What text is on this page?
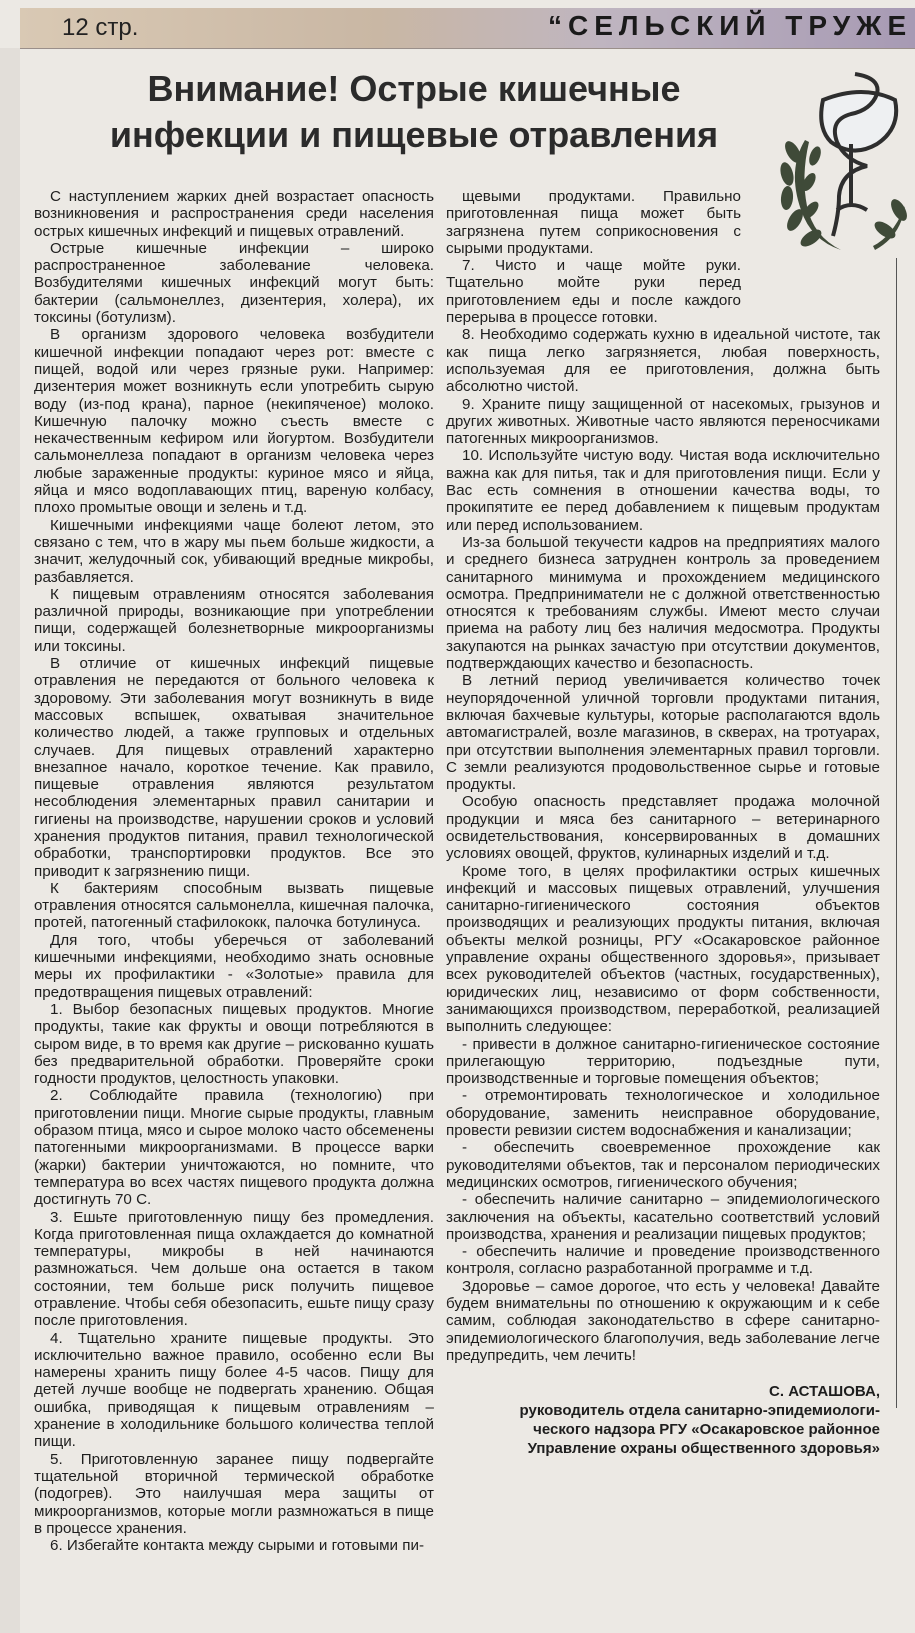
12 стр.	“СЕЛЬСКИЙ ТРУЖЕ
Внимание! Острые кишечные инфекции и пищевые отравления

С наступлением жарких дней возрастает опасность возникновения и распространения среди населения острых кишечных инфекций и пищевых отравлений.

Острые кишечные инфекции – широко распространенное заболевание человека. Возбудителями кишечных инфекций могут быть: бактерии (сальмонеллез, дизентерия, холера), их токсины (ботулизм).

В организм здорового человека возбудители кишечной инфекции попадают через рот: вместе с пищей, водой или через грязные руки. Например: дизентерия может возникнуть если употребить сырую воду (из-под крана), парное (некипяченое) молоко. Кишечную палочку можно съесть вместе с некачественным кефиром или йогуртом. Возбудители сальмонеллеза попадают в организм человека через любые зараженные продукты: куриное мясо и яйца, яйца и мясо водоплавающих птиц, вареную колбасу, плохо промытые овощи и зелень и т.д.

Кишечными инфекциями чаще болеют летом, это связано с тем, что в жару мы пьем больше жидкости, а значит, желудочный сок, убивающий вредные микробы, разбавляется.

К пищевым отравлениям относятся заболевания различной природы, возникающие при употреблении пищи, содержащей болезнетворные микроорганизмы или токсины.

В отличие от кишечных инфекций пищевые отравления не передаются от больного человека к здоровому. Эти заболевания могут возникнуть в виде массовых вспышек, охватывая значительное количество людей, а также групповых и отдельных случаев. Для пищевых отравлений характерно внезапное начало, короткое течение. Как правило, пищевые отравления являются результатом несоблюдения элементарных правил санитарии и гигиены на производстве, нарушении сроков и условий хранения продуктов питания, правил технологической обработки, транспортировки продуктов. Все это приводит к загрязнению пищи.

К бактериям способным вызвать пищевые отравления относятся сальмонелла, кишечная палочка, протей, патогенный стафилококк, палочка ботулинуса.

Для того, чтобы уберечься от заболеваний кишечными инфекциями, необходимо знать основные меры их профилактики - «Золотые» правила для предотвращения пищевых отравлений:

1. Выбор безопасных пищевых продуктов. Многие продукты, такие как фрукты и овощи потребляются в сыром виде, в то время как другие – рискованно кушать без предварительной обработки. Проверяйте сроки годности продуктов, целостность упаковки.

2. Соблюдайте правила (технологию) при приготовлении пищи. Многие сырые продукты, главным образом птица, мясо и сырое молоко часто обсеменены патогенными микроорганизмами. В процессе варки (жарки) бактерии уничтожаются, но помните, что температура во всех частях пищевого продукта должна достигнуть 70 С.

3. Ешьте приготовленную пищу без промедления. Когда приготовленная пища охлаждается до комнатной температуры, микробы в ней начинаются размножаться. Чем дольше она остается в таком состоянии, тем больше риск получить пищевое отравление. Чтобы себя обезопасить, ешьте пищу сразу после приготовления.

4. Тщательно храните пищевые продукты. Это исключительно важное правило, особенно если Вы намерены хранить пищу более 4-5 часов. Пищу для детей лучше вообще не подвергать хранению. Общая ошибка, приводящая к пищевым отравлениям – хранение в холодильнике большого количества теплой пищи.

5. Приготовленную заранее пищу подвергайте тщательной вторичной термической обработке (подогрев). Это наилучшая мера защиты от микроорганизмов, которые могли размножаться в пище в процессе хранения.

6. Избегайте контакта между сырыми и готовыми пи-

щевыми продуктами. Правильно приготовленная пища может быть загрязнена путем соприкосновения с сырыми продуктами.

7. Чисто и чаще мойте руки. Тщательно мойте руки перед приготовлением еды и после каждого перерыва в процессе готовки.

8. Необходимо содержать кухню в идеальной чистоте, так как пища легко загрязняется, любая поверхность, используемая для ее приготовления, должна быть абсолютно чистой.

9. Храните пищу защищенной от насекомых, грызунов и других животных. Животные часто являются переносчиками патогенных микроорганизмов.

10. Используйте чистую воду. Чистая вода исключительно важна как для питья, так и для приготовления пищи. Если у Вас есть сомнения в отношении качества воды, то прокипятите ее перед добавлением к пищевым продуктам или перед использованием.

Из-за большой текучести кадров на предприятиях малого и среднего бизнеса затруднен контроль за проведением санитарного минимума и прохождением медицинского осмотра. Предприниматели не с должной ответственностью относятся к требованиям службы. Имеют место случаи приема на работу лиц без наличия медосмотра. Продукты закупаются на рынках зачастую при отсутствии документов, подтверждающих качество и безопасность.

В летний период увеличивается количество точек неупорядоченной уличной торговли продуктами питания, включая бахчевые культуры, которые располагаются вдоль автомагистралей, возле магазинов, в скверах, на тротуарах, при отсутствии выполнения элементарных правил торговли. С земли реализуются продовольственное сырье и готовые продукты.

Особую опасность представляет продажа молочной продукции и мяса без санитарного – ветеринарного освидетельствования, консервированных в домашних условиях овощей, фруктов, кулинарных изделий и т.д.

Кроме того, в целях профилактики острых кишечных инфекций и массовых пищевых отравлений, улучшения санитарно-гигиенического состояния объектов производящих и реализующих продукты питания, включая объекты мелкой розницы, РГУ «Осакаровское районное управление охраны общественного здоровья», призывает всех руководителей объектов (частных, государственных), юридических лиц, независимо от форм собственности, занимающихся производством, переработкой, реализацией выполнить следующее:

- привести в должное санитарно-гигиеническое состояние прилегающую территорию, подъездные пути, производственные и торговые помещения объектов;

- отремонтировать технологическое и холодильное оборудование, заменить неисправное оборудование, провести ревизии систем водоснабжения и канализации;

- обеспечить своевременное прохождение как руководителями объектов, так и персоналом периодических медицинских осмотров, гигиенического обучения;

- обеспечить наличие санитарно – эпидемиологического заключения на объекты, касательно соответствий условий производства, хранения и реализации пищевых продуктов;

- обеспечить наличие и проведение производственного контроля, согласно разработанной программе и т.д.

Здоровье – самое дорогое, что есть у человека! Давайте будем внимательны по отношению к окружающим и к себе самим, соблюдая законодательство в сфере санитарно-эпидемиологического благополучия, ведь заболевание легче предупредить, чем лечить!

С. АСТАШОВА,
руководитель отдела санитарно-эпидемиологи-
ческого надзора РГУ «Осакаровское районное
Управление охраны общественного здоровья»
